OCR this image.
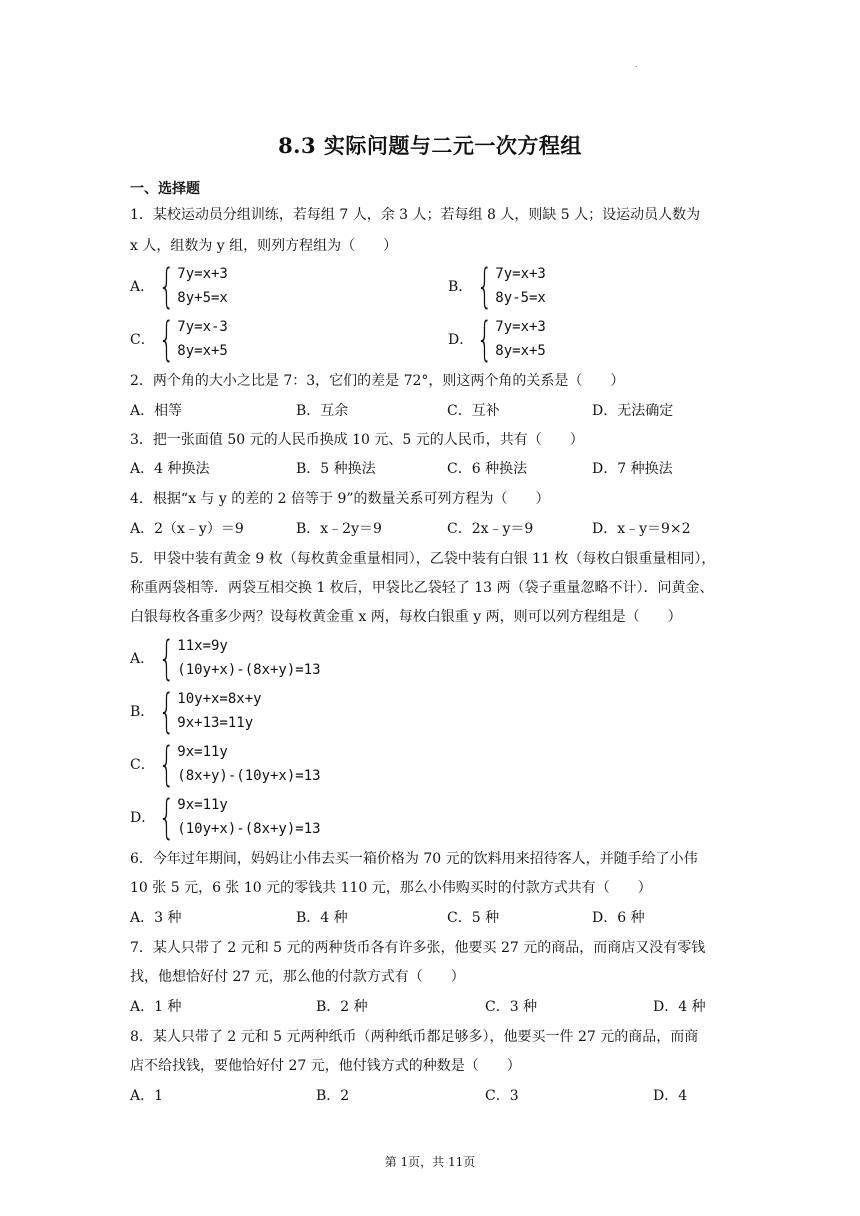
.
8.3 实际问题与二元一次方程组
一、选择题
1．某校运动员分组训练，若每组 7 人，余 3 人；若每组 8 人，则缺 5 人；设运动员人数为
x 人，组数为 y 组，则列方程组为（　　）
A． { 7y=x+3
8y+5=x
B． { 7y=x+3
8y-5=x
C． { 7y=x-3
8y=x+5
D． { 7y=x+3
8y=x+5
2．两个角的大小之比是 7：3，它们的差是 72°，则这两个角的关系是（　　）
A．相等	B．互余	C．互补	D．无法确定
3．把一张面值 50 元的人民币换成 10 元、5 元的人民币，共有（　　）
A．4 种换法	B．5 种换法	C．6 种换法	D．7 种换法
4．根据“x 与 y 的差的 2 倍等于 9”的数量关系可列方程为（　　）
A．2（x﹣y）＝9	B．x﹣2y＝9	C．2x﹣y＝9	D．x﹣y＝9×2
5．甲袋中装有黄金 9 枚（每枚黄金重量相同），乙袋中装有白银 11 枚（每枚白银重量相同），
称重两袋相等．两袋互相交换 1 枚后，甲袋比乙袋轻了 13 两（袋子重量忽略不计）．问黄金、
白银每枚各重多少两？设每枚黄金重 x 两，每枚白银重 y 两，则可以列方程组是（　　）
A． { 11x=9y
(10y+x)-(8x+y)=13
B． { 10y+x=8x+y
9x+13=11y
C． { 9x=11y
(8x+y)-(10y+x)=13
D． { 9x=11y
(10y+x)-(8x+y)=13
6．今年过年期间，妈妈让小伟去买一箱价格为 70 元的饮料用来招待客人，并随手给了小伟
10 张 5 元，6 张 10 元的零钱共 110 元，那么小伟购买时的付款方式共有（　　）
A．3 种	B．4 种	C．5 种	D．6 种
7．某人只带了 2 元和 5 元的两种货币各有许多张，他要买 27 元的商品，而商店又没有零钱
找，他想恰好付 27 元，那么他的付款方式有（　　）
A．1 种	B．2 种	C．3 种	D．4 种
8．某人只带了 2 元和 5 元两种纸币（两种纸币都足够多），他要买一件 27 元的商品，而商
店不给找钱，要他恰好付 27 元，他付钱方式的种数是（　　）
A．1	B．2	C．3	D．4
第 1页，共 11页
